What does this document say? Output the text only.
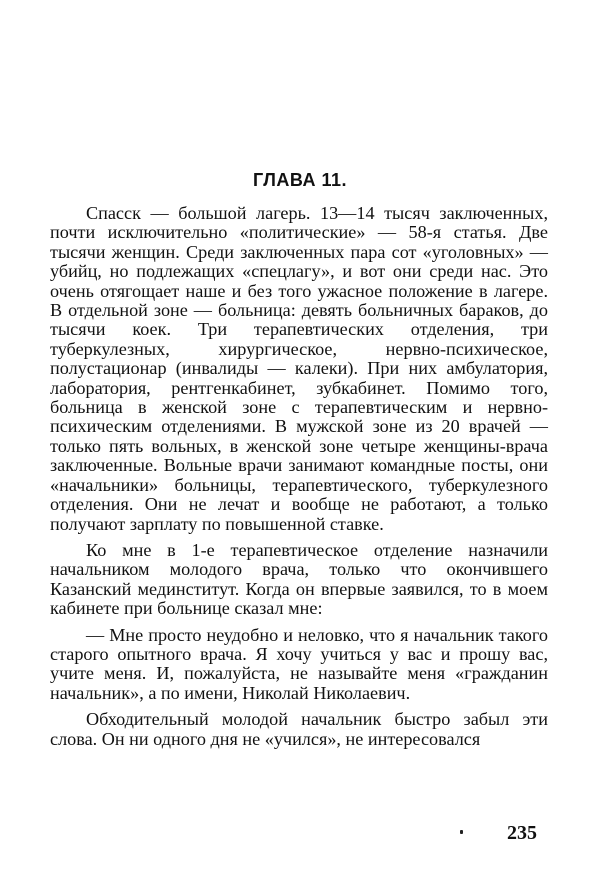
ГЛАВА 11.

Спасск — большой лагерь. 13—14 тысяч заключенных, почти исключительно «политические» — 58-я статья. Две тысячи женщин. Среди заключенных пара сот «уголовных» — убийц, но подлежащих «спецлагу», и вот они среди нас. Это очень отягощает наше и без того ужасное положение в лагере. В отдельной зоне — больница: девять больничных бараков, до тысячи коек. Три терапевтических отделения, три туберкулезных, хирургическое, нервно-психическое, полустационар (инвалиды — калеки). При них амбулатория, лаборатория, рентгенкабинет, зубкабинет. Помимо того, больница в женской зоне с терапевтическим и нервно-психическим отделениями. В мужской зоне из 20 врачей — только пять вольных, в женской зоне четыре женщины-врача заключенные. Вольные врачи занимают командные посты, они «начальники» больницы, терапевтического, туберкулезного отделения. Они не лечат и вообще не работают, а только получают зарплату по повышенной ставке.

Ко мне в 1-е терапевтическое отделение назначили начальником молодого врача, только что окончившего Казанский мединститут. Когда он впервые заявился, то в моем кабинете при больнице сказал мне:

— Мне просто неудобно и неловко, что я начальник такого старого опытного врача. Я хочу учиться у вас и прошу вас, учите меня. И, пожалуйста, не называйте меня «гражданин начальник», а по имени, Николай Николаевич.

Обходительный молодой начальник быстро забыл эти слова. Он ни одного дня не «учился», не интересовался

235
